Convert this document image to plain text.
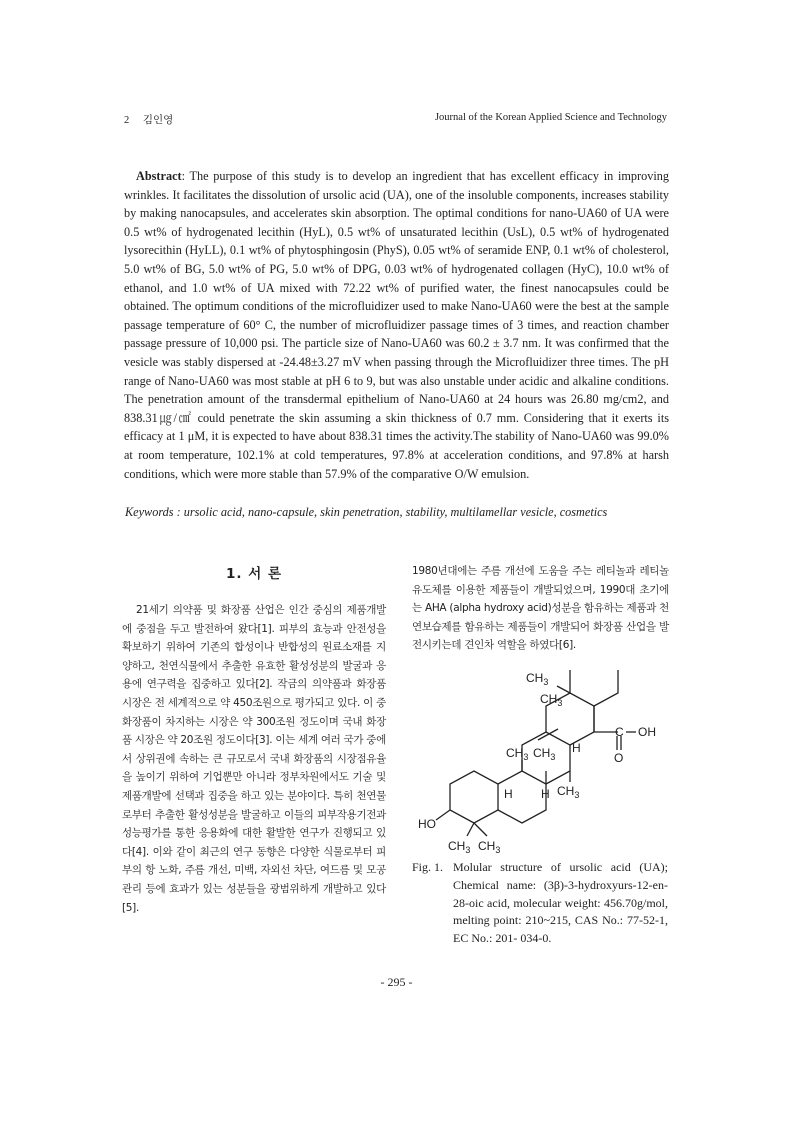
2 김인영	Journal of the Korean Applied Science and Technology

Abstract: The purpose of this study is to develop an ingredient that has excellent efficacy in improving wrinkles. It facilitates the dissolution of ursolic acid (UA), one of the insoluble components, increases stability by making nanocapsules, and accelerates skin absorption. The optimal conditions for nano-UA60 of UA were 0.5 wt% of hydrogenated lecithin (HyL), 0.5 wt% of unsaturated lecithin (UsL), 0.5 wt% of hydrogenated lysorecithin (HyLL), 0.1 wt% of phytosphingosin (PhyS), 0.05 wt% of seramide ENP, 0.1 wt% of cholesterol, 5.0 wt% of BG, 5.0 wt% of PG, 5.0 wt% of DPG, 0.03 wt% of hydrogenated collagen (HyC), 10.0 wt% of ethanol, and 1.0 wt% of UA mixed with 72.22 wt% of purified water, the finest nanocapsules could be obtained. The optimum conditions of the microfluidizer used to make Nano-UA60 were the best at the sample passage temperature of 60° C, the number of microfluidizer passage times of 3 times, and reaction chamber passage pressure of 10,000 psi. The particle size of Nano-UA60 was 60.2 ± 3.7 nm. It was confirmed that the vesicle was stably dispersed at -24.48±3.27 mV when passing through the Microfluidizer three times. The pH range of Nano-UA60 was most stable at pH 6 to 9, but was also unstable under acidic and alkaline conditions. The penetration amount of the transdermal epithelium of Nano-UA60 at 24 hours was 26.80 mg/cm2, and 838.31㎍/㎠ could penetrate the skin assuming a skin thickness of 0.7 mm. Considering that it exerts its efficacy at 1 μM, it is expected to have about 838.31 times the activity.The stability of Nano-UA60 was 99.0% at room temperature, 102.1% at cold temperatures, 97.8% at acceleration conditions, and 97.8% at harsh conditions, which were more stable than 57.9% of the comparative O/W emulsion.

Keywords : ursolic acid, nano-capsule, skin penetration, stability, multilamellar vesicle, cosmetics

1. 서 론

21세기 의약품 및 화장품 산업은 인간 중심의 제품개발에 중점을 두고 발전하여 왔다[1]. 피부의 효능과 안전성을 확보하기 위하여 기존의 합성이나 반합성의 원료소재를 지양하고, 천연식물에서 추출한 유효한 활성성분의 발굴과 응용에 연구력을 집중하고 있다[2]. 작금의 의약품과 화장품 시장은 전 세계적으로 약 450조원으로 평가되고 있다. 이 중 화장품이 차지하는 시장은 약 300조원 정도이며 국내 화장품 시장은 약 20조원 정도이다[3]. 이는 세계 여러 국가 중에서 상위권에 속하는 큰 규모로서 국내 화장품의 시장점유율을 높이기 위하여 기업뿐만 아니라 정부차원에서도 기술 및 제품개발에 선택과 집중을 하고 있는 분야이다. 특히 천연물로부터 추출한 활성성분을 발굴하고 이들의 피부작용기전과 성능평가를 통한 응용화에 대한 활발한 연구가 진행되고 있다[4]. 이와 같이 최근의 연구 동향은 다양한 식물로부터 피부의 항 노화, 주름 개선, 미백, 자외선 차단, 여드름 및 모공 관리 등에 효과가 있는 성분들을 광범위하게 개발하고 있다[5].

1980년대에는 주름 개선에 도움을 주는 레티놀과 레티놀 유도체를 이용한 제품들이 개발되었으며, 1990대 초기에는 AHA (alpha hydroxy acid)성분을 함유하는 제품과 천연보습제를 함유하는 제품들이 개발되어 화장품 산업을 발전시키는데 견인차 역할을 하였다[6].

$CH_3$
$CH_3$
$CH_3$ $CH_3$
$CH_3$
$CH_3$ $CH_3$
H
H H
C OH
O
HO
Fig. 1. Molular structure of ursolic acid (UA); Chemical name: (3β)-3-hydroxyurs-12-en-28-oic acid, molecular weight: 456.70g/mol, melting point: 210~215, CAS No.: 77-52-1, EC No.: 201- 034-0.
- 295 -
